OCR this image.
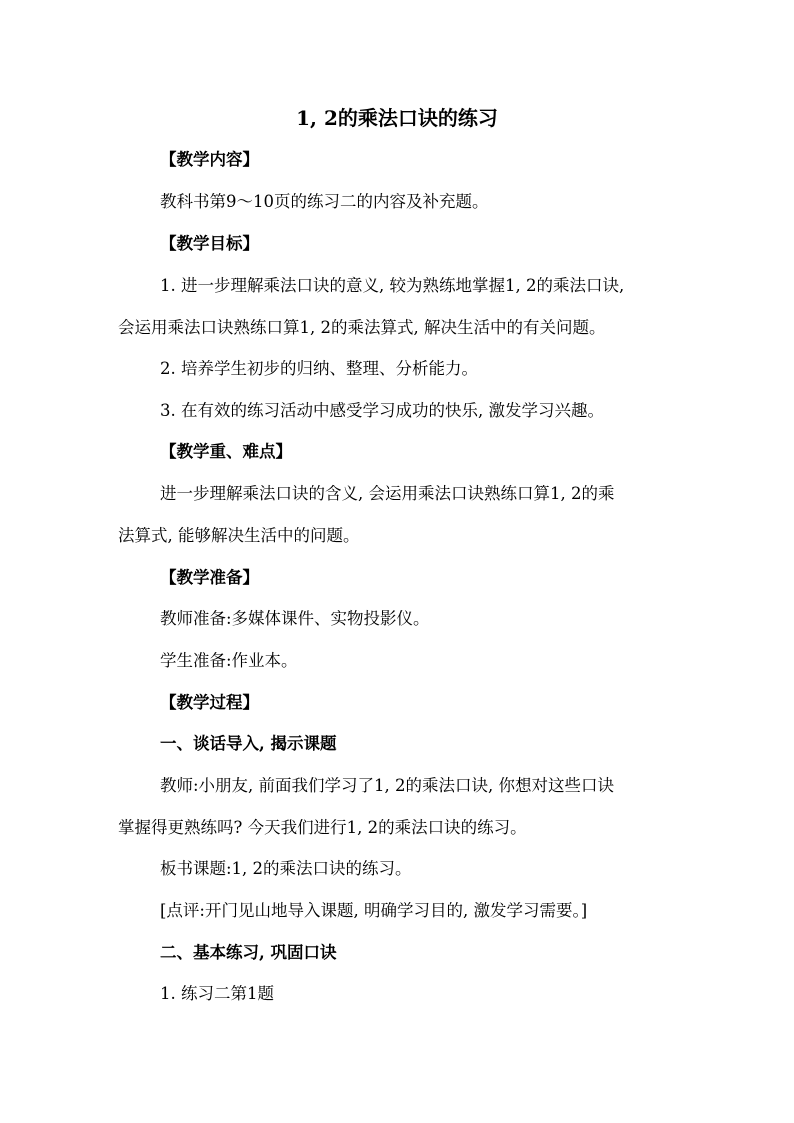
1, 2的乘法口诀的练习
【教学内容】
教科书第9～10页的练习二的内容及补充题。
【教学目标】
1. 进一步理解乘法口诀的意义, 较为熟练地掌握1, 2的乘法口诀,
会运用乘法口诀熟练口算1, 2的乘法算式, 解决生活中的有关问题。
2. 培养学生初步的归纳、整理、分析能力。
3. 在有效的练习活动中感受学习成功的快乐, 激发学习兴趣。
【教学重、难点】
进一步理解乘法口诀的含义, 会运用乘法口诀熟练口算1, 2的乘
法算式, 能够解决生活中的问题。
【教学准备】
教师准备:多媒体课件、实物投影仪。
学生准备:作业本。
【教学过程】
一、谈话导入, 揭示课题
教师:小朋友, 前面我们学习了1, 2的乘法口诀, 你想对这些口诀
掌握得更熟练吗? 今天我们进行1, 2的乘法口诀的练习。
板书课题:1, 2的乘法口诀的练习。
[点评:开门见山地导入课题, 明确学习目的, 激发学习需要。]
二、基本练习, 巩固口诀
1. 练习二第1题
